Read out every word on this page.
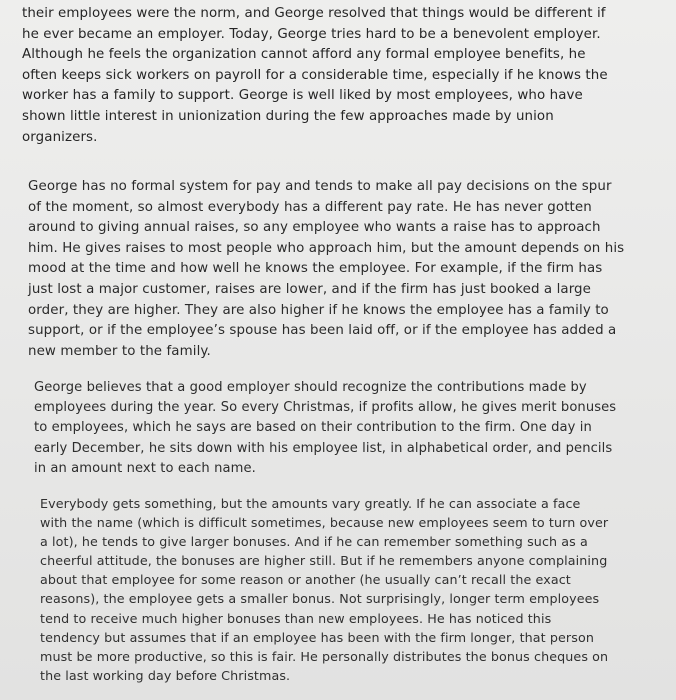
their employees were the norm, and George resolved that things would be different if
he ever became an employer. Today, George tries hard to be a benevolent employer.
Although he feels the organization cannot afford any formal employee benefits, he
often keeps sick workers on payroll for a considerable time, especially if he knows the
worker has a family to support. George is well liked by most employees, who have
shown little interest in unionization during the few approaches made by union
organizers.

George has no formal system for pay and tends to make all pay decisions on the spur
of the moment, so almost everybody has a different pay rate. He has never gotten
around to giving annual raises, so any employee who wants a raise has to approach
him. He gives raises to most people who approach him, but the amount depends on his
mood at the time and how well he knows the employee. For example, if the firm has
just lost a major customer, raises are lower, and if the firm has just booked a large
order, they are higher. They are also higher if he knows the employee has a family to
support, or if the employee’s spouse has been laid off, or if the employee has added a
new member to the family.

George believes that a good employer should recognize the contributions made by
employees during the year. So every Christmas, if profits allow, he gives merit bonuses
to employees, which he says are based on their contribution to the firm. One day in
early December, he sits down with his employee list, in alphabetical order, and pencils
in an amount next to each name.

Everybody gets something, but the amounts vary greatly. If he can associate a face
with the name (which is difficult sometimes, because new employees seem to turn over
a lot), he tends to give larger bonuses. And if he can remember something such as a
cheerful attitude, the bonuses are higher still. But if he remembers anyone complaining
about that employee for some reason or another (he usually can’t recall the exact
reasons), the employee gets a smaller bonus. Not surprisingly, longer term employees
tend to receive much higher bonuses than new employees. He has noticed this
tendency but assumes that if an employee has been with the firm longer, that person
must be more productive, so this is fair. He personally distributes the bonus cheques on
the last working day before Christmas.
